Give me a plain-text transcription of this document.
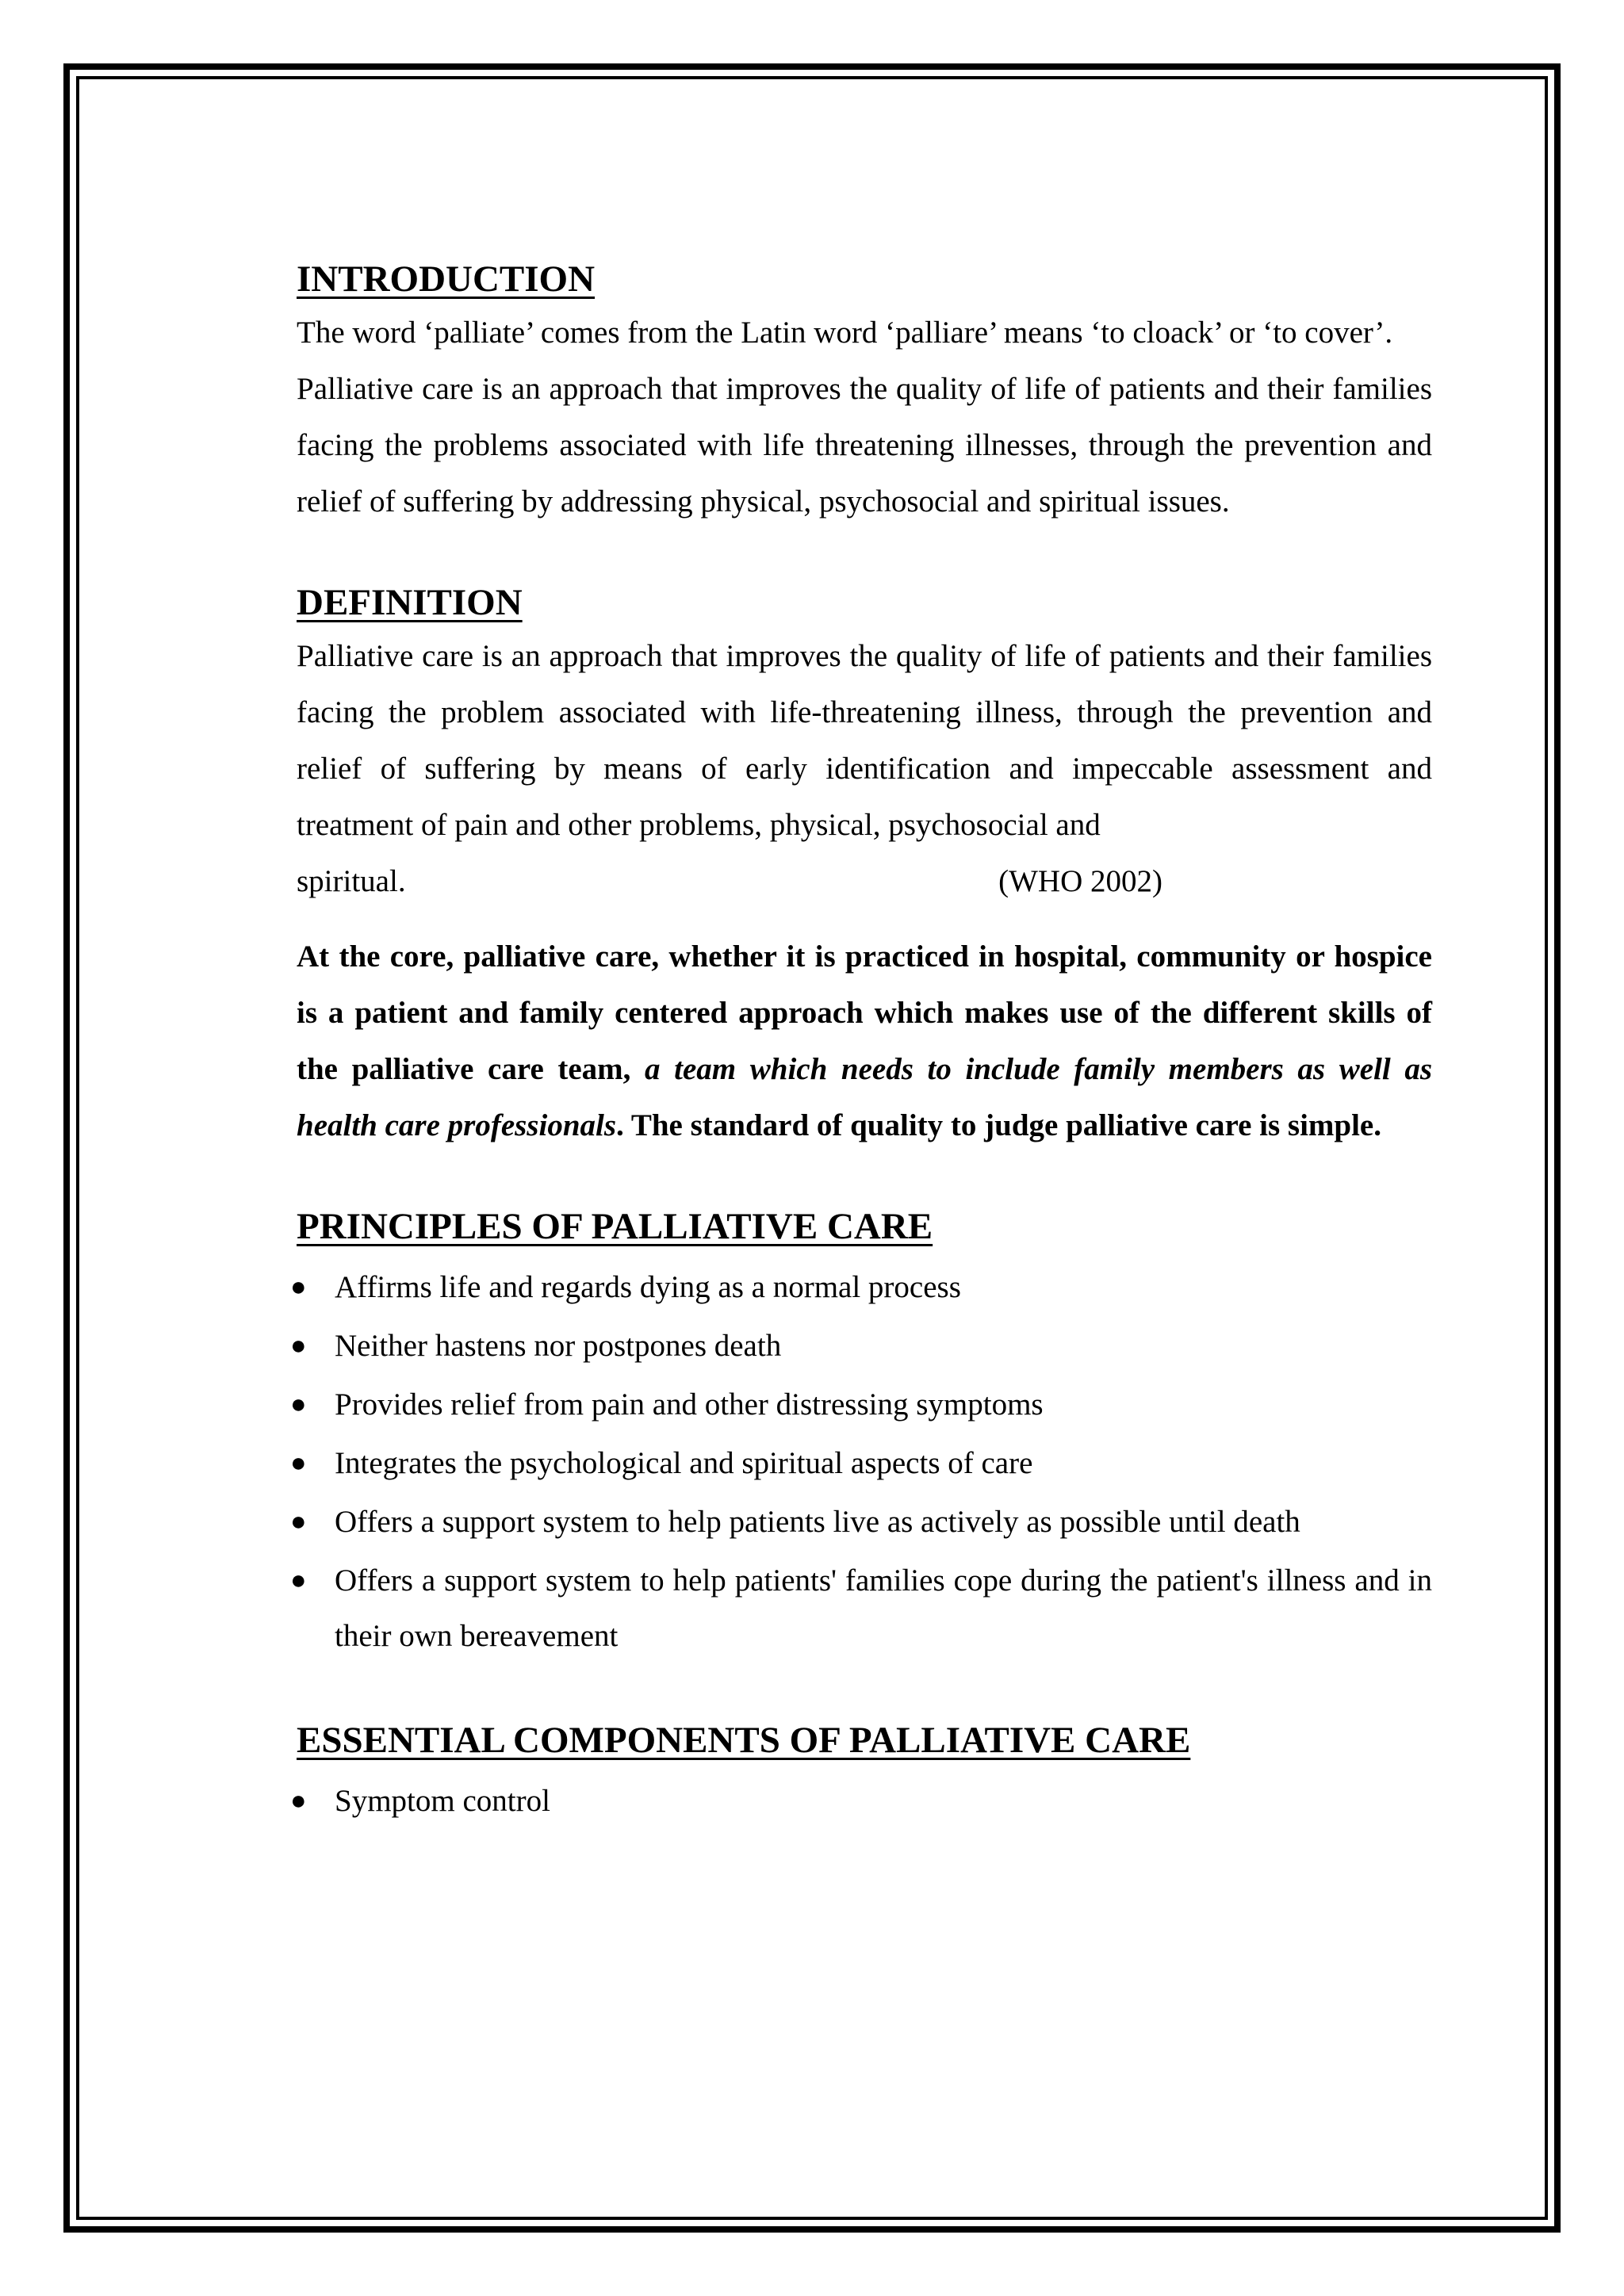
INTRODUCTION

The word ‘palliate’ comes from the Latin word ‘palliare’ means ‘to cloack’ or ‘to cover’.

Palliative care is an approach that improves the quality of life of patients and their families facing the problems associated with life threatening illnesses, through the prevention and relief of suffering by addressing physical, psychosocial and spiritual issues.

DEFINITION

Palliative care is an approach that improves the quality of life of patients and their families facing the problem associated with life-threatening illness, through the prevention and relief of suffering by means of early identification and impeccable assessment and treatment of pain and other problems, physical, psychosocial and

spiritual.	(WHO 2002)

At the core, palliative care, whether it is practiced in hospital, community or hospice is a patient and family centered approach which makes use of the different skills of the palliative care team, a team which needs to include family members as well as health care professionals. The standard of quality to judge palliative care is simple.

PRINCIPLES OF PALLIATIVE CARE
● Affirms life and regards dying as a normal process
● Neither hastens nor postpones death
● Provides relief from pain and other distressing symptoms
● Integrates the psychological and spiritual aspects of care
● Offers a support system to help patients live as actively as possible until death
● Offers a support system to help patients' families cope during the patient's illness and in their own bereavement
ESSENTIAL COMPONENTS OF PALLIATIVE CARE
● Symptom control
